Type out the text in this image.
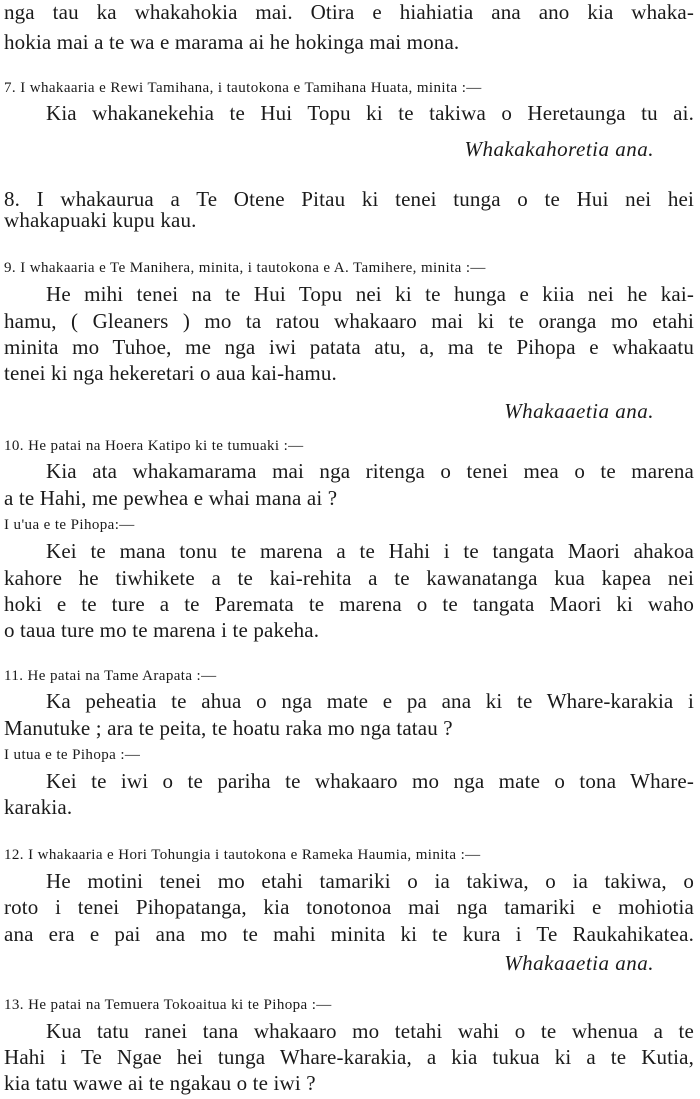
nga tau ka whakahokia mai. Otira e hiahiatia ana ano kia whaka-
hokia mai a te wa e marama ai he hokinga mai mona.
7. I whakaaria e Rewi Tamihana, i tautokona e Tamihana Huata, minita :—
Kia whakanekehia te Hui Topu ki te takiwa o Heretaunga tu ai.
Whakakahoretia ana.
8. I whakaurua a Te Otene Pitau ki tenei tunga o te Hui nei hei
whakapuaki kupu kau.
9. I whakaaria e Te Manihera, minita, i tautokona e A. Tamihere, minita :—
He mihi tenei na te Hui Topu nei ki te hunga e kiia nei he kai-
hamu, ( Gleaners ) mo ta ratou whakaaro mai ki te oranga mo etahi
minita mo Tuhoe, me nga iwi patata atu, a, ma te Pihopa e whakaatu
tenei ki nga hekeretari o aua kai-hamu.
Whakaaetia ana.
10. He patai na Hoera Katipo ki te tumuaki :—
Kia ata whakamarama mai nga ritenga o tenei mea o te marena
a te Hahi, me pewhea e whai mana ai ?
I u'ua e te Pihopa:—
Kei te mana tonu te marena a te Hahi i te tangata Maori ahakoa
kahore he tiwhikete a te kai-rehita a te kawanatanga kua kapea nei
hoki e te ture a te Paremata te marena o te tangata Maori ki waho
o taua ture mo te marena i te pakeha.
11. He patai na Tame Arapata :—
Ka peheatia te ahua o nga mate e pa ana ki te Whare-karakia i
Manutuke ; ara te peita, te hoatu raka mo nga tatau ?
I utua e te Pihopa :—
Kei te iwi o te pariha te whakaaro mo nga mate o tona Whare-
karakia.
12. I whakaaria e Hori Tohungia i tautokona e Rameka Haumia, minita :—
He motini tenei mo etahi tamariki o ia takiwa, o ia takiwa, o
roto i tenei Pihopatanga, kia tonotonoa mai nga tamariki e mohiotia
ana era e pai ana mo te mahi minita ki te kura i Te Raukahikatea.
Whakaaetia ana.
13. He patai na Temuera Tokoaitua ki te Pihopa :—
Kua tatu ranei tana whakaaro mo tetahi wahi o te whenua a te
Hahi i Te Ngae hei tunga Whare-karakia, a kia tukua ki a te Kutia,
kia tatu wawe ai te ngakau o te iwi ?
